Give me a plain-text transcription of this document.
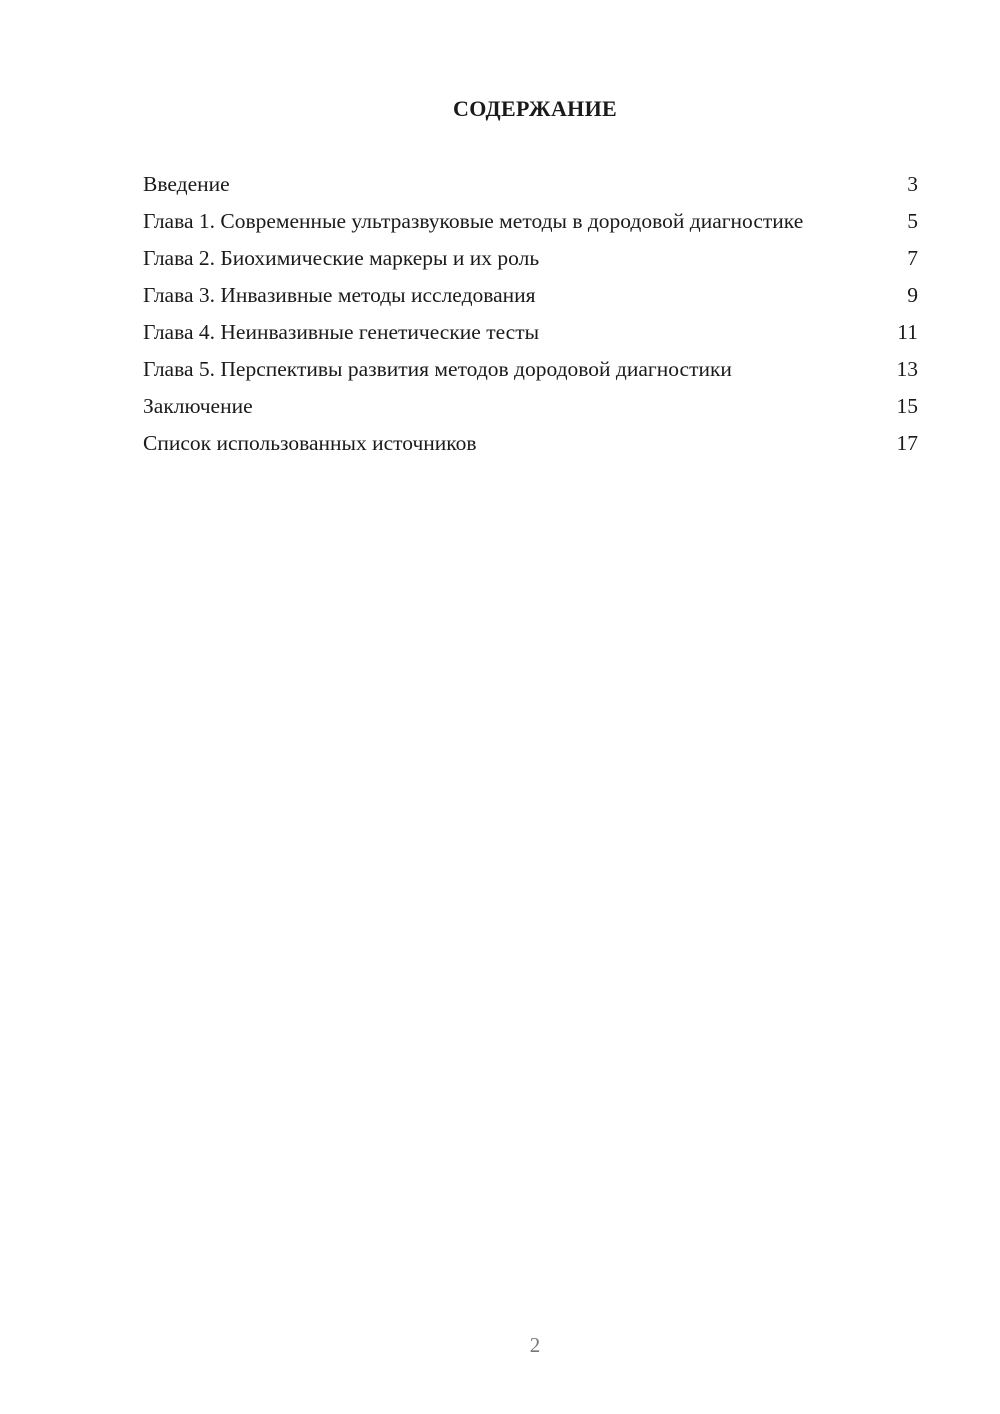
СОДЕРЖАНИЕ
Введение	3
Глава 1. Современные ультразвуковые методы в дородовой диагностике	5
Глава 2. Биохимические маркеры и их роль	7
Глава 3. Инвазивные методы исследования	9
Глава 4. Неинвазивные генетические тесты	11
Глава 5. Перспективы развития методов дородовой диагностики	13
Заключение	15
Список использованных источников	17
2
